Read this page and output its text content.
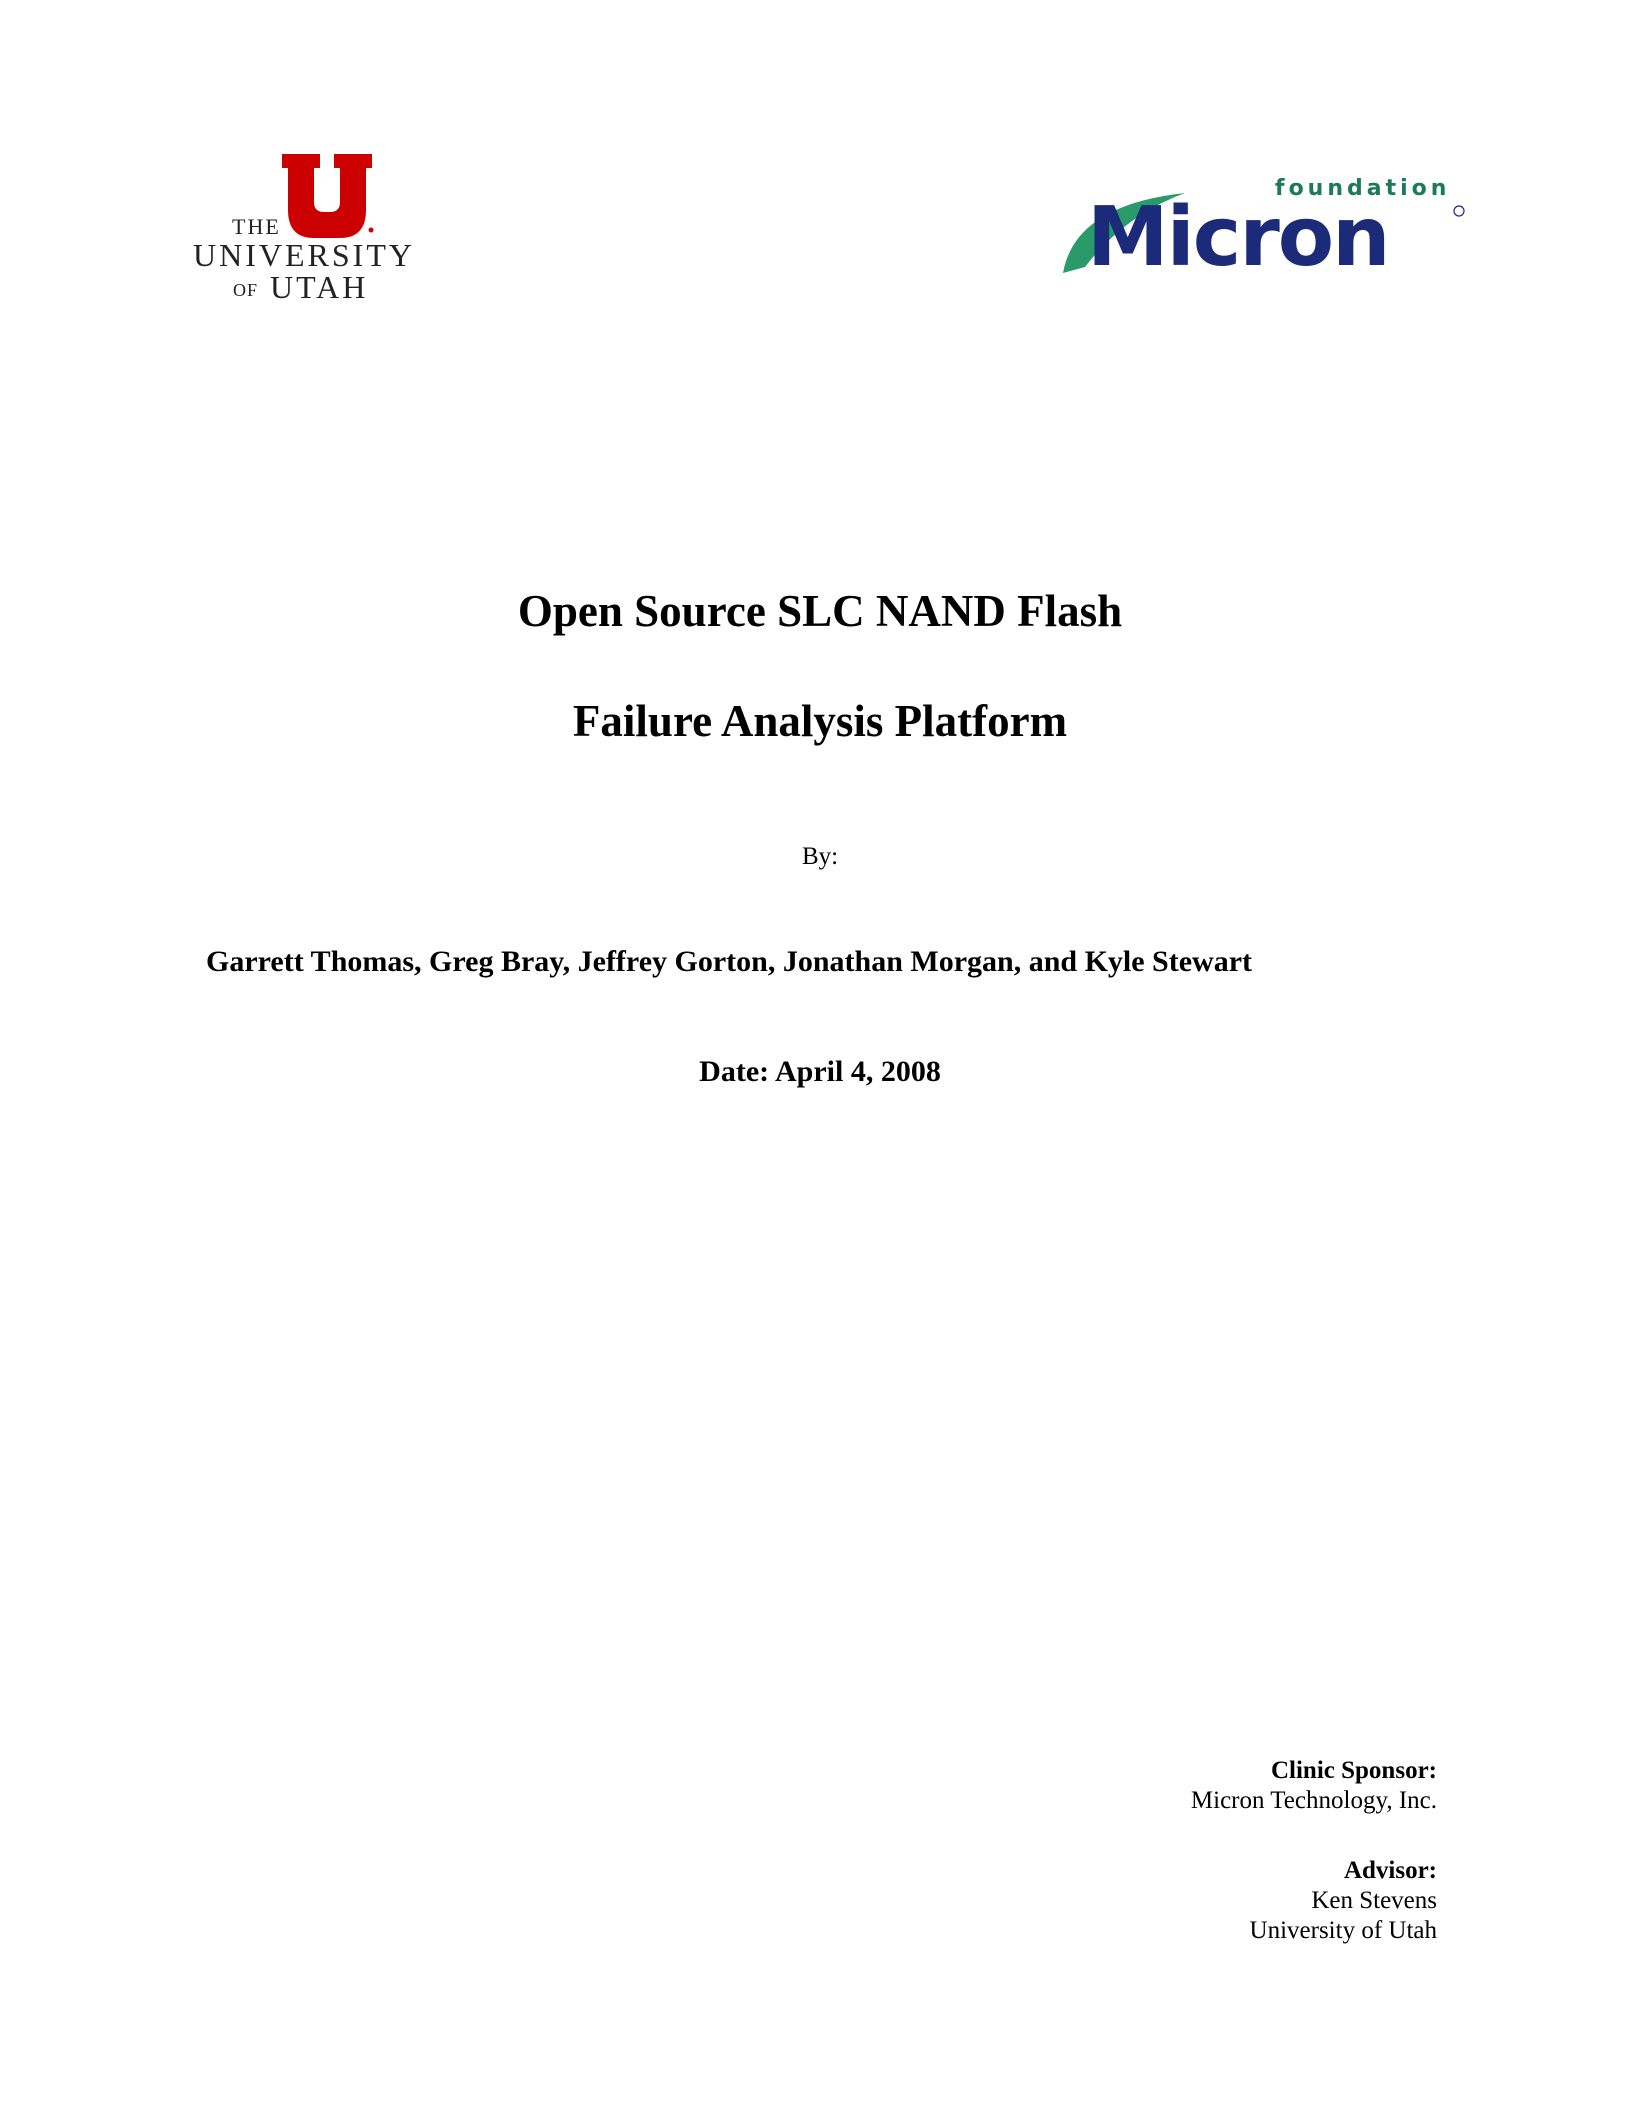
THE
UNIVERSITY
OF UTAH
foundation
Micron
Open Source SLC NAND Flash
Failure Analysis Platform
By:
Garrett Thomas, Greg Bray, Jeffrey Gorton, Jonathan Morgan, and Kyle Stewart
Date: April 4, 2008
Clinic Sponsor:
Micron Technology, Inc.
Advisor:
Ken Stevens
University of Utah
